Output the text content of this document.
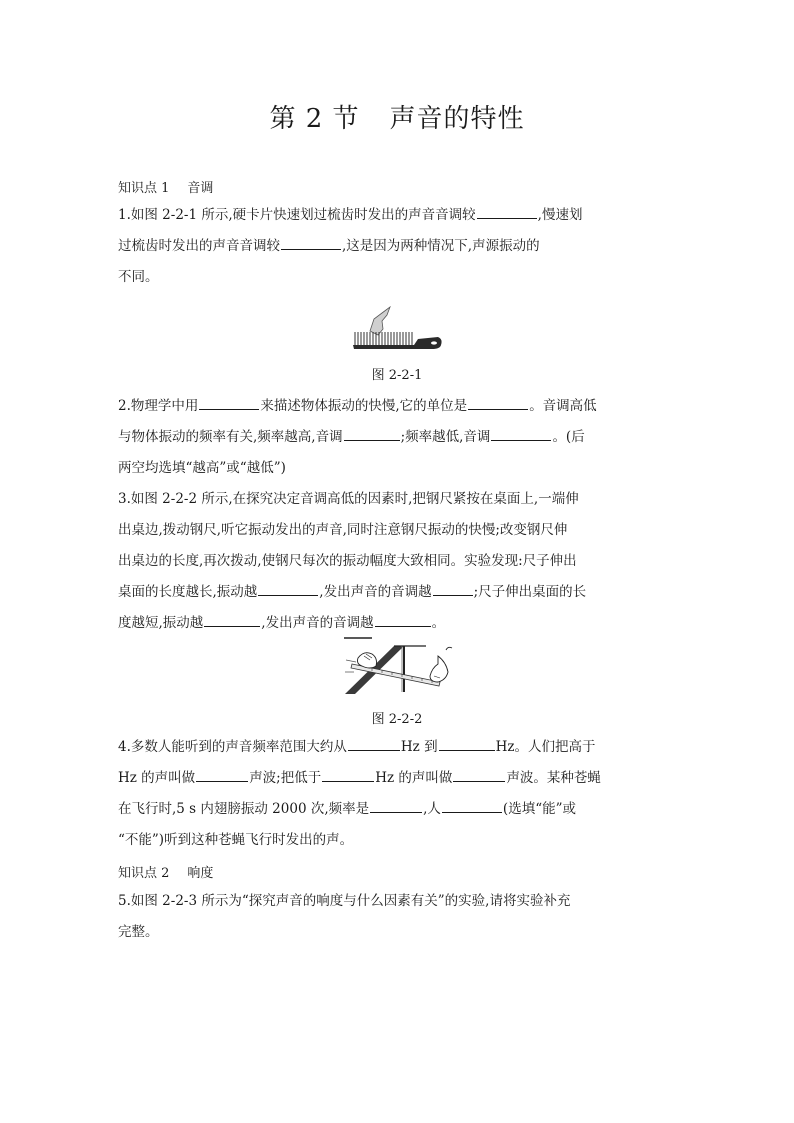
第 2 节 声音的特性
知识点 1 音调
1.如图 2-2-1 所示,硬卡片快速划过梳齿时发出的声音音调较	,慢速划
过梳齿时发出的声音音调较	,这是因为两种情况下,声源振动的
不同。
图 2-2-1
2.物理学中用	来描述物体振动的快慢,它的单位是	。音调高低
与物体振动的频率有关,频率越高,音调	;频率越低,音调	。(后
两空均选填“越高”或“越低”)
3.如图 2-2-2 所示,在探究决定音调高低的因素时,把钢尺紧按在桌面上,一端伸
出桌边,拨动钢尺,听它振动发出的声音,同时注意钢尺振动的快慢;改变钢尺伸
出桌边的长度,再次拨动,使钢尺每次的振动幅度大致相同。实验发现:尺子伸出
桌面的长度越长,振动越	,发出声音的音调越	;尺子伸出桌面的长
度越短,振动越	,发出声音的音调越	。
图 2-2-2
4.多数人能听到的声音频率范围大约从	Hz 到	Hz。人们把高于
Hz 的声叫做	声波;把低于	Hz 的声叫做	声波。某种苍蝇
在飞行时,5 s 内翅膀振动 2000 次,频率是	,人	(选填“能”或
“不能”)听到这种苍蝇飞行时发出的声。
知识点 2 响度
5.如图 2-2-3 所示为“探究声音的响度与什么因素有关”的实验,请将实验补充
完整。
